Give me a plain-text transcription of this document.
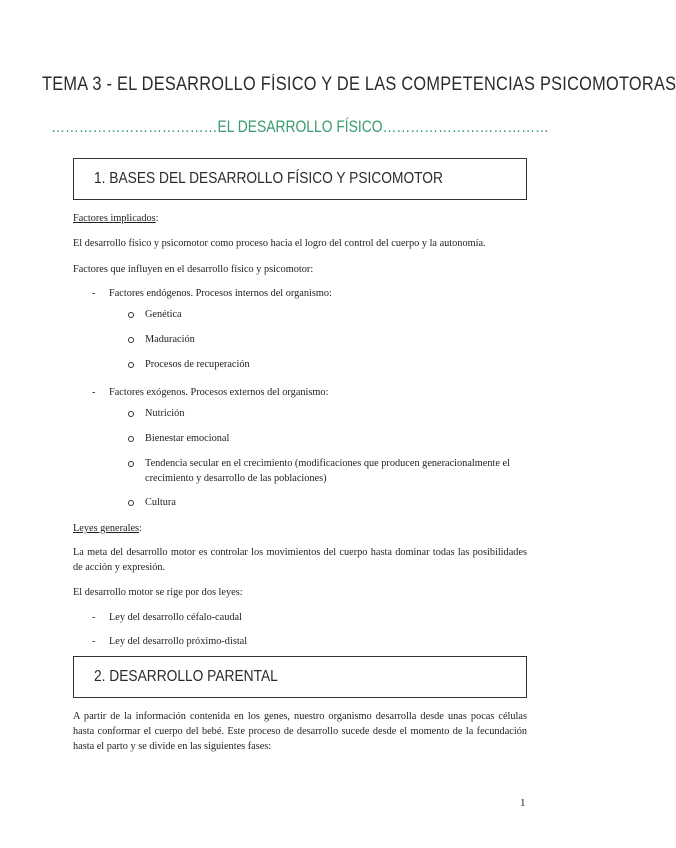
TEMA 3 - EL DESARROLLO FÍSICO Y DE LAS COMPETENCIAS PSICOMOTORAS
………………………………EL DESARROLLO FÍSICO………………………………
1. BASES DEL DESARROLLO FÍSICO Y PSICOMOTOR
Factores implicados:
El desarrollo físico y psicomotor como proceso hacia el logro del control del cuerpo y la autonomía.
Factores que influyen en el desarrollo físico y psicomotor:
- Factores endógenos. Procesos internos del organismo:
Genética
Maduración
Procesos de recuperación
- Factores exógenos. Procesos externos del organismo:
Nutrición
Bienestar emocional
Tendencia secular en el crecimiento (modificaciones que producen generacionalmente el crecimiento y desarrollo de las poblaciones)
Cultura
Leyes generales:
La meta del desarrollo motor es controlar los movimientos del cuerpo hasta dominar todas las posibilidades de acción y expresión.
El desarrollo motor se rige por dos leyes:
- Ley del desarrollo céfalo-caudal
- Ley del desarrollo próximo-distal
2. DESARROLLO PARENTAL
A partir de la información contenida en los genes, nuestro organismo desarrolla desde unas pocas células hasta conformar el cuerpo del bebé. Este proceso de desarrollo sucede desde el momento de la fecundación hasta el parto y se divide en las siguientes fases:
1
